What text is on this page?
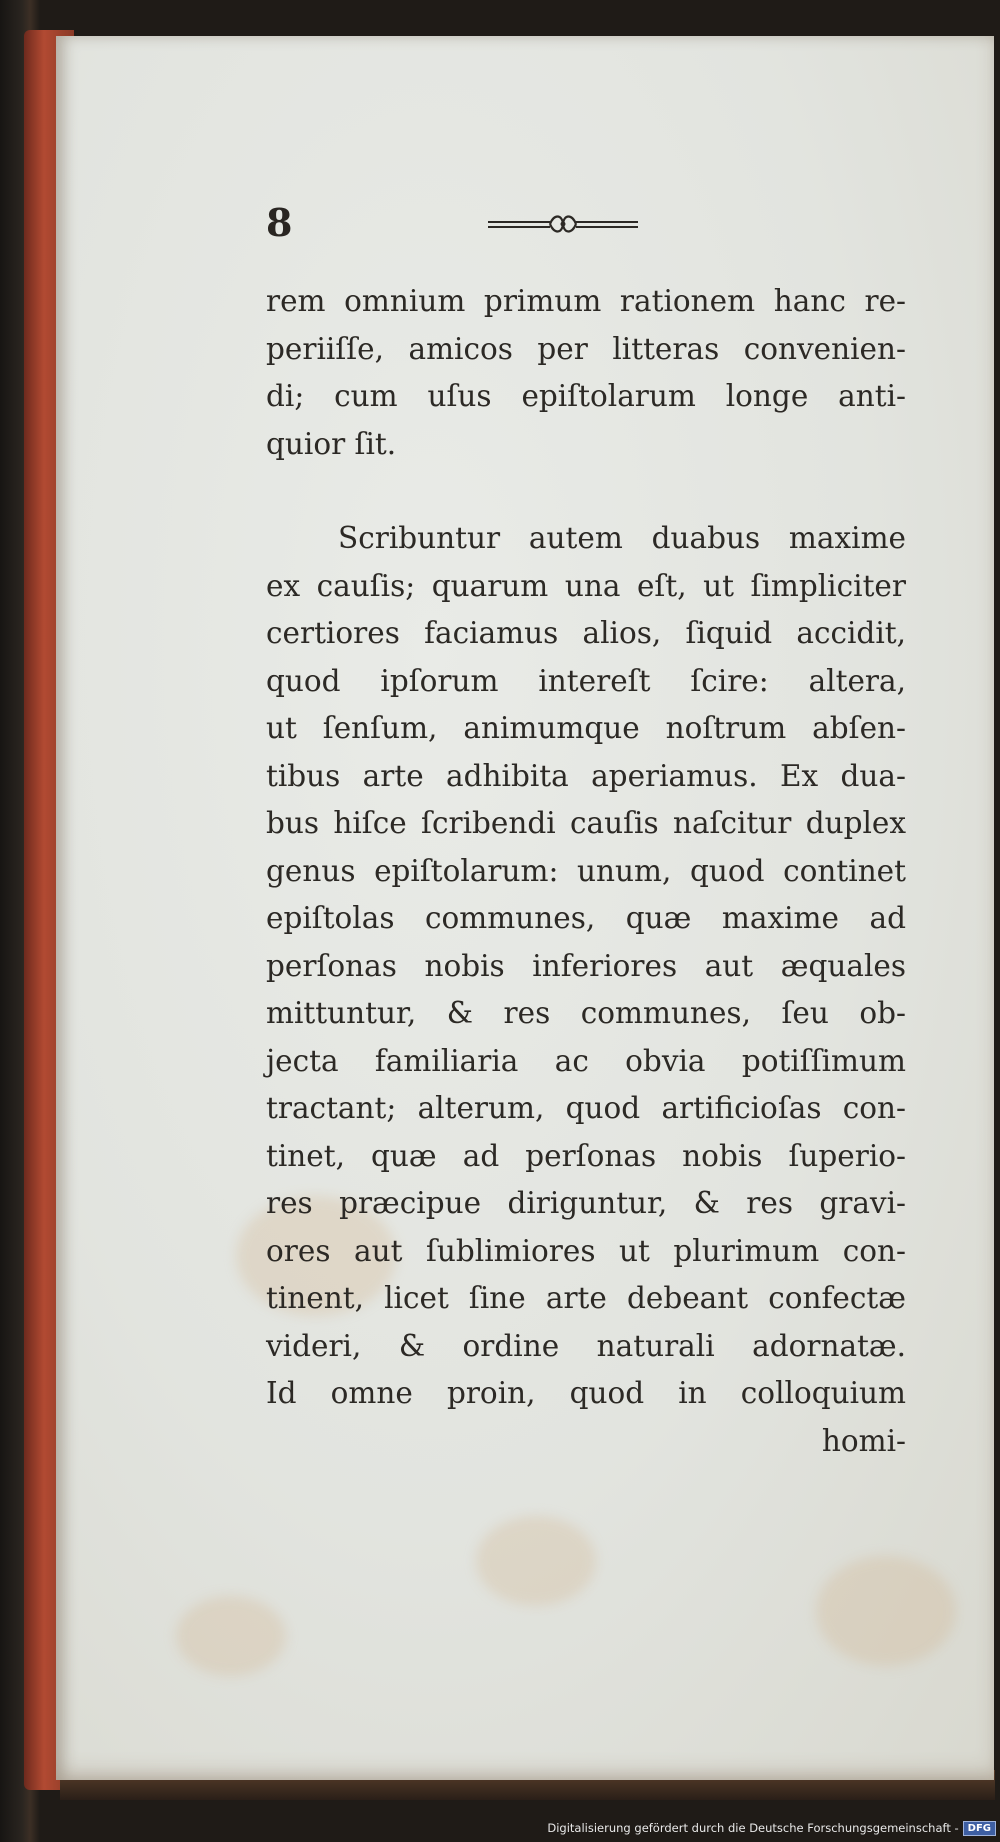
8
rem omnium primum rationem hanc re-
periiſſe, amicos per litteras convenien-
di; cum uſus epiſtolarum longe anti-
quior ſit.
Scribuntur autem duabus maxime
ex cauſis; quarum una eſt, ut ſimpliciter
certiores faciamus alios, ſiquid accidit,
quod ipſorum intereſt ſcire: altera,
ut ſenſum, animumque noſtrum abſen-
tibus arte adhibita aperiamus. Ex dua-
bus hiſce ſcribendi cauſis naſcitur duplex
genus epiſtolarum: unum, quod continet
epiſtolas communes, quæ maxime ad
perſonas nobis inferiores aut æquales
mittuntur, & res communes, ſeu ob-
jecta familiaria ac obvia potiſſimum
tractant; alterum, quod artificioſas con-
tinet, quæ ad perſonas nobis ſuperio-
res præcipue diriguntur, & res gravi-
ores aut ſublimiores ut plurimum con-
tinent, licet ſine arte debeant confectæ
videri, & ordine naturali adornatæ.
Id omne proin, quod in colloquium
homi-
Digitalisierung gefördert durch die Deutsche Forschungsgemeinschaft - DFG
